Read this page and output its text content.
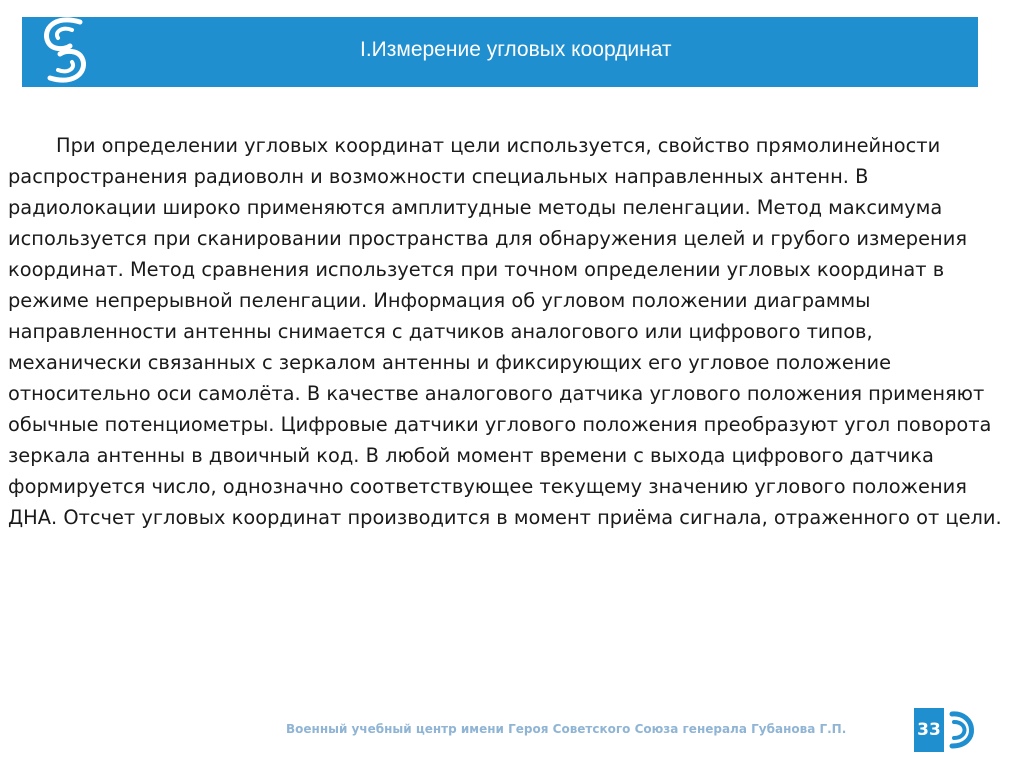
I.Измерение угловых координат

При определении угловых координат цели используется, свойство прямолинейности распространения радиоволн и возможности специальных направленных антенн. В радиолокации широко применяются амплитудные методы пеленгации. Метод максимума используется при сканировании пространства для обнаружения целей и грубого измерения координат. Метод сравнения используется при точном определении угловых координат в режиме непрерывной пеленгации. Информация об угловом положении диаграммы направленности антенны снимается с датчиков аналогового или цифрового типов, механически связанных с зеркалом антенны и фиксирующих его угловое положение относительно оси самолёта. В качестве аналогового датчика углового положения применяют обычные потенциометры. Цифровые датчики углового положения преобразуют угол поворота зеркала антенны в двоичный код. В любой момент времени с выхода цифрового датчика формируется число, однозначно соответствующее текущему значению углового положения ДНА. Отсчет угловых координат производится в момент приёма сигнала, отраженного от цели.

Военный учебный центр имени Героя Советского Союза генерала Губанова Г.П.	33
